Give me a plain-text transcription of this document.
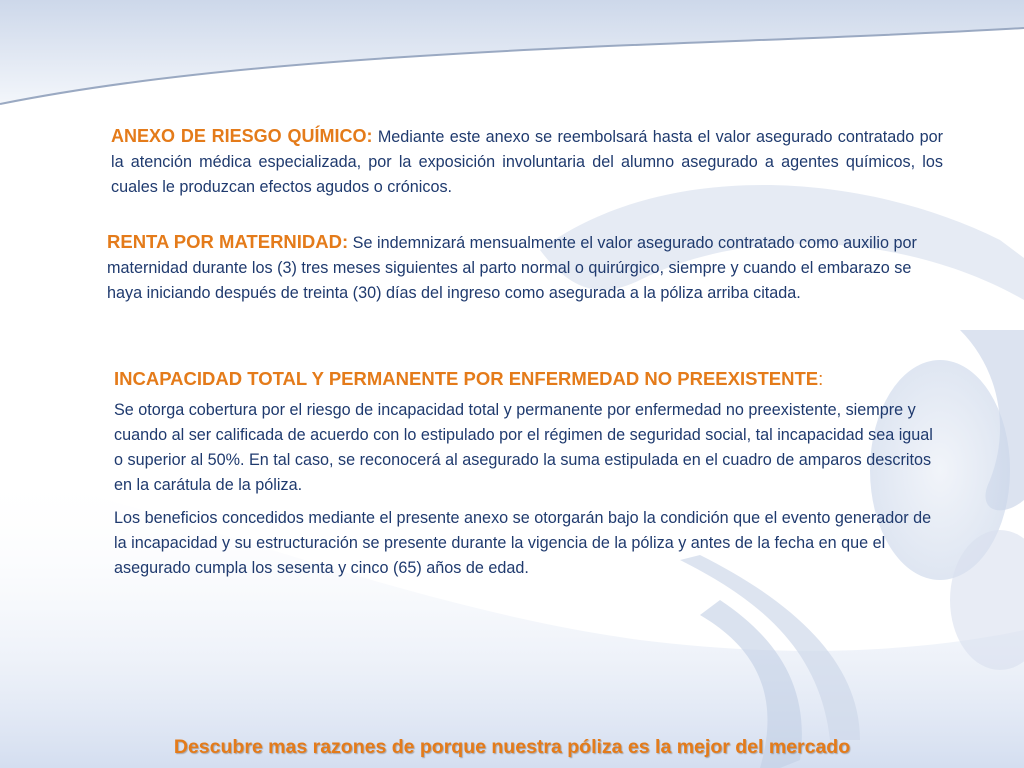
ANEXO DE RIESGO QUÍMICO: Mediante este anexo se reembolsará hasta el valor asegurado contratado por la atención médica especializada, por la exposición involuntaria del alumno asegurado a agentes químicos, los cuales le produzcan efectos agudos o crónicos.
RENTA POR MATERNIDAD: Se indemnizará mensualmente el valor asegurado contratado como auxilio por maternidad durante los (3) tres meses siguientes al parto normal o quirúrgico, siempre y cuando el embarazo se haya iniciando después de treinta (30) días del ingreso como asegurada a la póliza arriba citada.
INCAPACIDAD TOTAL Y PERMANENTE POR ENFERMEDAD NO PREEXISTENTE:

Se otorga cobertura por el riesgo de incapacidad total y permanente por enfermedad no preexistente, siempre y cuando al ser calificada de acuerdo con lo estipulado por el régimen de seguridad social, tal incapacidad sea igual o superior al 50%. En tal caso, se reconocerá al asegurado la suma estipulada en el cuadro de amparos descritos en la carátula de la póliza.

Los beneficios concedidos mediante el presente anexo se otorgarán bajo la condición que el evento generador de la incapacidad y su estructuración se presente durante la vigencia de la póliza y antes de la fecha en que el asegurado cumpla los sesenta y cinco (65) años de edad.

Descubre mas razones de porque nuestra póliza es la mejor del mercado
